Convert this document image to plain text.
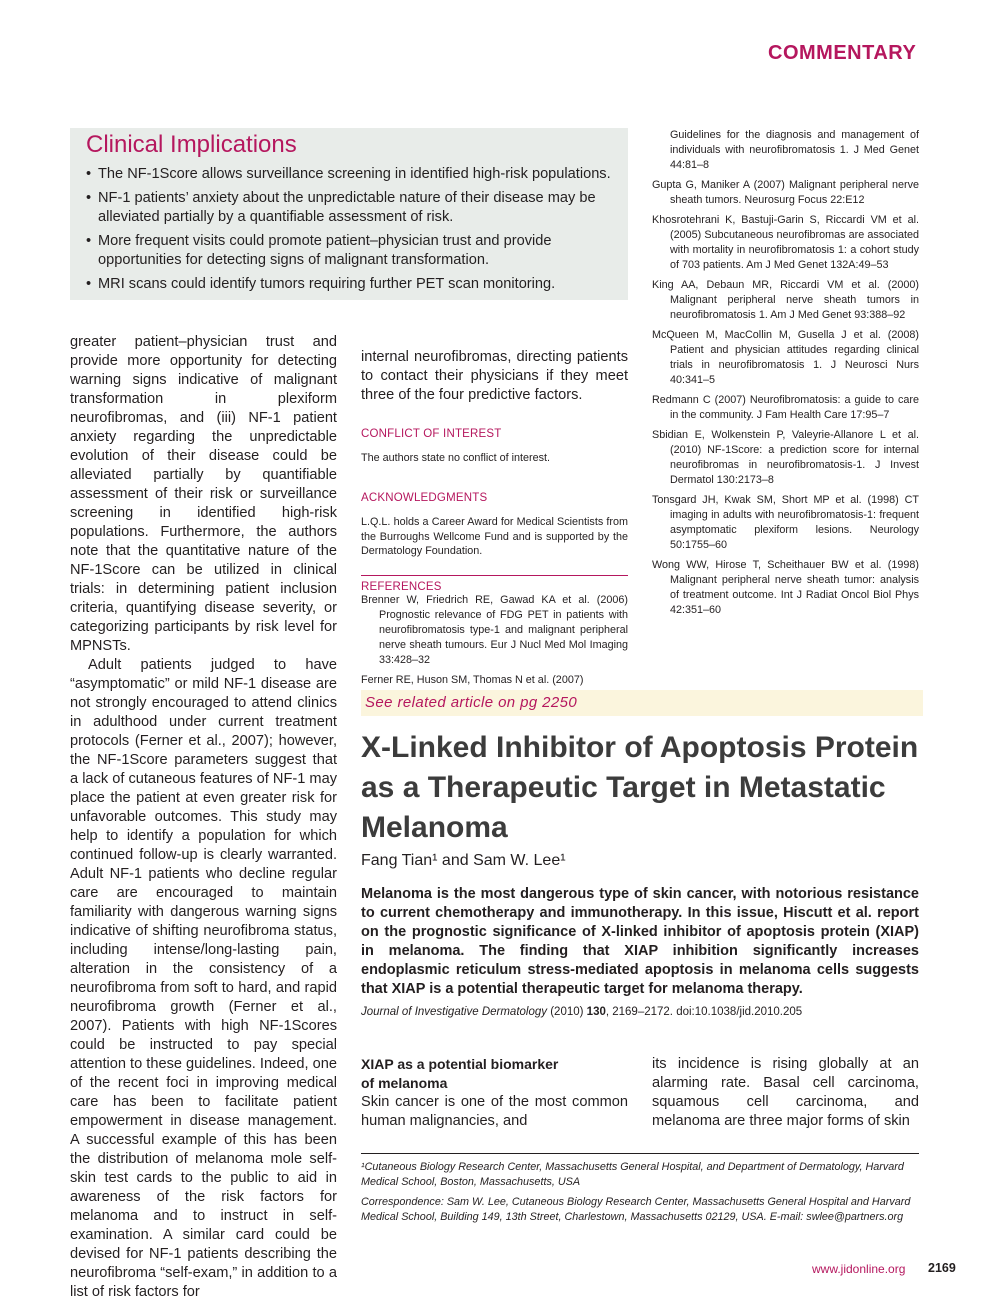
COMMENTARY
Clinical Implications
• The NF-1Score allows surveillance screening in identified high-risk populations.
• NF-1 patients’ anxiety about the unpredictable nature of their disease may be alleviated partially by a quantifiable assessment of risk.
• More frequent visits could promote patient–physician trust and provide opportunities for detecting signs of malignant transformation.
• MRI scans could identify tumors requiring further PET scan monitoring.

greater patient–physician trust and provide more opportunity for detecting warning signs indicative of malignant transformation in plexiform neurofibromas, and (iii) NF-1 patient anxiety regarding the unpredictable evolution of their disease could be alleviated partially by quantifiable assessment of their risk or surveillance screening in identified high-risk populations. Furthermore, the authors note that the quantitative nature of the NF-1Score can be utilized in clinical trials: in determining patient inclusion criteria, quantifying disease severity, or categorizing participants by risk level for MPNSTs.

Adult patients judged to have “asymptomatic” or mild NF-1 disease are not strongly encouraged to attend clinics in adulthood under current treatment protocols (Ferner et al., 2007); however, the NF-1Score parameters suggest that a lack of cutaneous features of NF-1 may place the patient at even greater risk for unfavorable outcomes. This study may help to identify a population for which continued follow-up is clearly warranted. Adult NF-1 patients who decline regular care are encouraged to maintain familiarity with dangerous warning signs indicative of shifting neurofibroma status, including intense/long-lasting pain, alteration in the consistency of a neurofibroma from soft to hard, and rapid neurofibroma growth (Ferner et al., 2007). Patients with high NF-1Scores could be instructed to pay special attention to these guidelines. Indeed, one of the recent foci in improving medical care has been to facilitate patient empowerment in disease management. A successful example of this has been the distribution of melanoma mole self-skin test cards to the public to aid in awareness of the risk factors for melanoma and to instruct in self-examination. A similar card could be devised for NF-1 patients describing the neurofibroma “self-exam,” in addition to a list of risk factors for

internal neurofibromas, directing patients to contact their physicians if they meet three of the four predictive factors.

CONFLICT OF INTEREST

The authors state no conflict of interest.

ACKNOWLEDGMENTS

L.Q.L. holds a Career Award for Medical Scientists from the Burroughs Wellcome Fund and is supported by the Dermatology Foundation.

REFERENCES

Brenner W, Friedrich RE, Gawad KA et al. (2006) Prognostic relevance of FDG PET in patients with neurofibromatosis type-1 and malignant peripheral nerve sheath tumours. Eur J Nucl Med Mol Imaging 33:428–32

Ferner RE, Huson SM, Thomas N et al. (2007)

Guidelines for the diagnosis and management of individuals with neurofibromatosis 1. J Med Genet 44:81–8

Gupta G, Maniker A (2007) Malignant peripheral nerve sheath tumors. Neurosurg Focus 22:E12

Khosrotehrani K, Bastuji-Garin S, Riccardi VM et al. (2005) Subcutaneous neurofibromas are associated with mortality in neurofibromatosis 1: a cohort study of 703 patients. Am J Med Genet 132A:49–53

King AA, Debaun MR, Riccardi VM et al. (2000) Malignant peripheral nerve sheath tumors in neurofibromatosis 1. Am J Med Genet 93:388–92

McQueen M, MacCollin M, Gusella J et al. (2008) Patient and physician attitudes regarding clinical trials in neurofibromatosis 1. J Neurosci Nurs 40:341–5

Redmann C (2007) Neurofibromatosis: a guide to care in the community. J Fam Health Care 17:95–7

Sbidian E, Wolkenstein P, Valeyrie-Allanore L et al. (2010) NF-1Score: a prediction score for internal neurofibromas in neurofibromatosis-1. J Invest Dermatol 130:2173–8

Tonsgard JH, Kwak SM, Short MP et al. (1998) CT imaging in adults with neurofibromatosis-1: frequent asymptomatic plexiform lesions. Neurology 50:1755–60

Wong WW, Hirose T, Scheithauer BW et al. (1998) Malignant peripheral nerve sheath tumor: analysis of treatment outcome. Int J Radiat Oncol Biol Phys 42:351–60

See related article on pg 2250
X-Linked Inhibitor of Apoptosis Protein as a Therapeutic Target in Metastatic Melanoma
Fang Tian¹ and Sam W. Lee¹
Melanoma is the most dangerous type of skin cancer, with notorious resistance to current chemotherapy and immunotherapy. In this issue, Hiscutt et al. report on the prognostic significance of X-linked inhibitor of apoptosis protein (XIAP) in melanoma. The finding that XIAP inhibition significantly increases endoplasmic reticulum stress-mediated apoptosis in melanoma cells suggests that XIAP is a potential therapeutic target for melanoma therapy.
Journal of Investigative Dermatology (2010) 130, 2169–2172. doi:10.1038/jid.2010.205
XIAP as a potential biomarker of melanoma

Skin cancer is one of the most common human malignancies, and

its incidence is rising globally at an alarming rate. Basal cell carcinoma, squamous cell carcinoma, and melanoma are three major forms of skin

¹Cutaneous Biology Research Center, Massachusetts General Hospital, and Department of Dermatology, Harvard Medical School, Boston, Massachusetts, USA
Correspondence: Sam W. Lee, Cutaneous Biology Research Center, Massachusetts General Hospital and Harvard Medical School, Building 149, 13th Street, Charlestown, Massachusetts 02129, USA. E-mail: swlee@partners.org
www.jidonline.org 2169
